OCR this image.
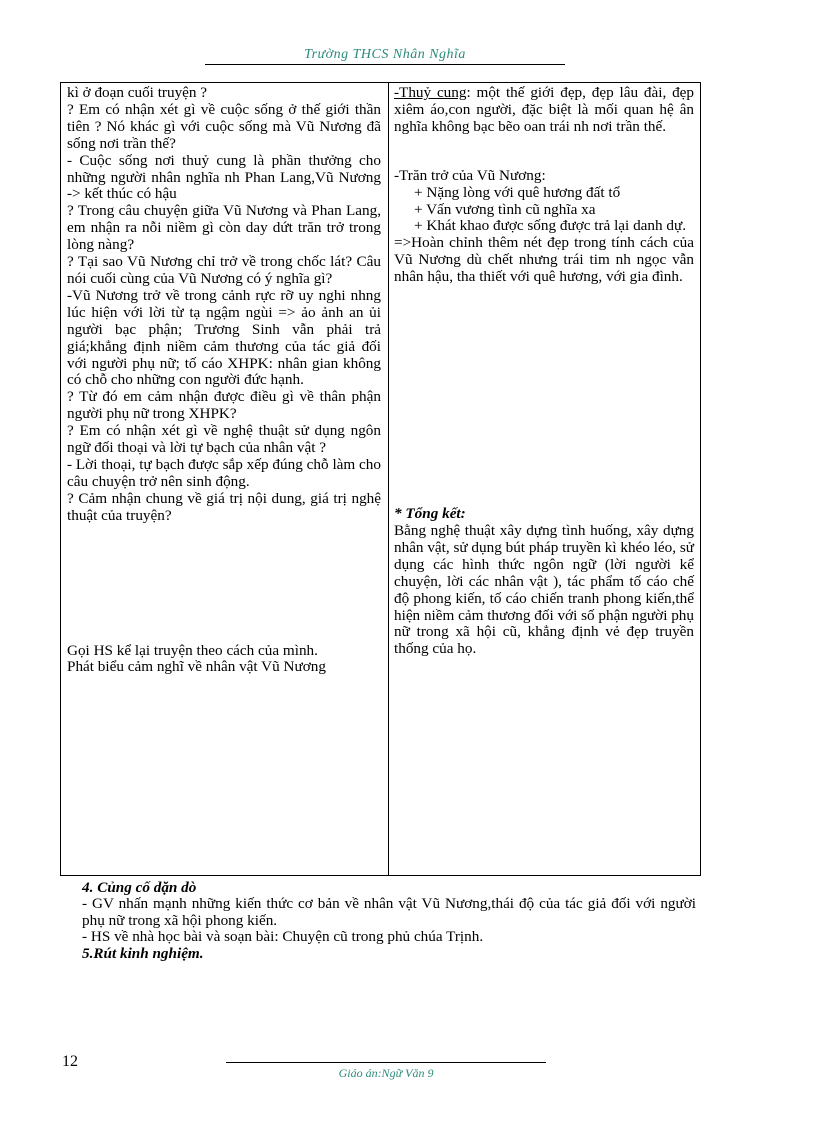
Trường THCS Nhân Nghĩa

kì ở đoạn cuối truyện ?

? Em có nhận xét gì về cuộc sống ở thế giới thần tiên ? Nó khác gì với cuộc sống mà Vũ Nương đã sống nơi trần thế?

- Cuộc sống nơi thuỷ cung là phần thưởng cho những người nhân nghĩa nh Phan Lang,Vũ Nương -> kết thúc có hậu

? Trong câu chuyện giữa Vũ Nương và Phan Lang, em nhận ra nỗi niềm gì còn day dứt trăn trở trong lòng nàng?

? Tại sao Vũ Nương chỉ trở về trong chốc lát? Câu nói cuối cùng của Vũ Nương có ý nghĩa gì?

-Vũ Nương trở về trong cảnh rực rỡ uy nghi nhng lúc hiện với lời từ tạ ngậm ngùi => ảo ảnh an ủi người bạc phận; Trương Sinh vẫn phải trả giá;khẳng định niềm cảm thương của tác giả đối với người phụ nữ; tố cáo XHPK: nhân gian không có chỗ cho những con người đức hạnh.

? Từ đó em cảm nhận được điều gì về thân phận người phụ nữ trong XHPK?

? Em có nhận xét gì về nghệ thuật sử dụng ngôn ngữ đối thoại và lời tự bạch của nhân vật ?

- Lời thoại, tự bạch được sắp xếp đúng chỗ làm cho câu chuyện trở nên sinh động.

? Cảm nhận chung về giá trị nội dung, giá trị nghệ thuật của truyện?

Gọi HS kể lại truyện theo cách của mình.

Phát biểu cảm nghĩ về nhân vật Vũ Nương

-Thuỷ cung: một thế giới đẹp, đẹp lâu đài, đẹp xiêm áo,con người, đặc biệt là mối quan hệ ân nghĩa không bạc bẽo oan trái nh nơi trần thế.

-Trăn trở của Vũ Nương:

+ Nặng lòng với quê hương đất tổ

+ Vấn vương tình cũ nghĩa xa

+ Khát khao được sống được trả lại danh dự.

=>Hoàn chỉnh thêm nét đẹp trong tính cách của Vũ Nương dù chết nhưng trái tim nh ngọc vẫn nhân hậu, tha thiết với quê hương, với gia đình.

* Tổng kết:

Bằng nghệ thuật xây dựng tình huống, xây dựng nhân vật, sử dụng bút pháp truyền kì khéo léo, sử dụng các hình thức ngôn ngữ (lời người kể chuyện, lời các nhân vật ), tác phẩm tố cáo chế độ phong kiến, tố cáo chiến tranh phong kiến,thể hiện niềm cảm thương đối với số phận người phụ nữ trong xã hội cũ, khẳng định vẻ đẹp truyền thống của họ.

4. Củng cố dặn dò

- GV nhấn mạnh những kiến thức cơ bản về nhân vật Vũ Nương,thái độ của tác giả đối với người phụ nữ trong xã hội phong kiến.

- HS về nhà học bài và soạn bài: Chuyện cũ trong phủ chúa Trịnh.

5.Rút kinh nghiệm.

12
Giáo án:Ngữ Văn 9
